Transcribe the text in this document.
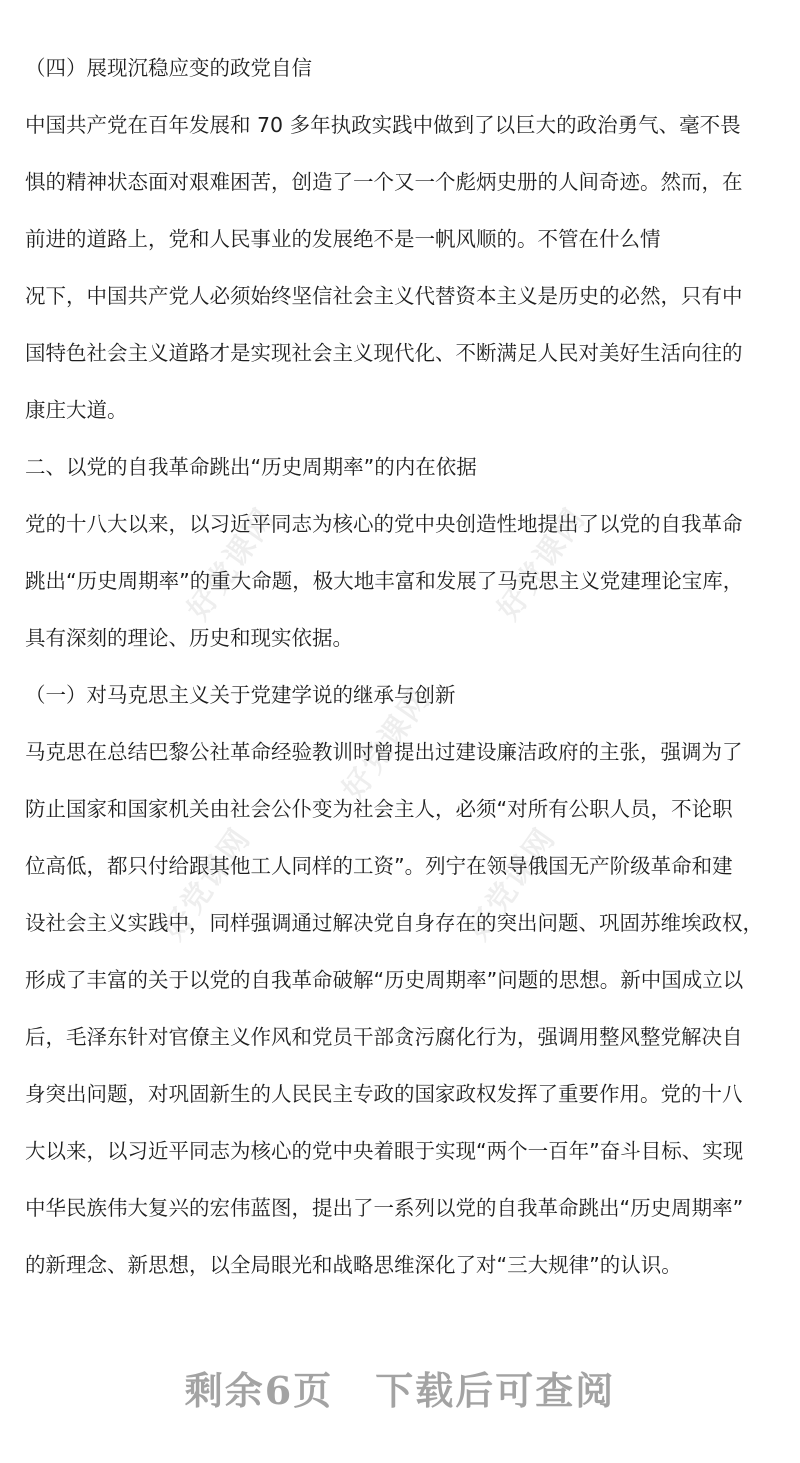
好党课网	好党课网
好党课网
好党课网	好党课网
（四）展现沉稳应变的政党自信
中国共产党在百年发展和 70 多年执政实践中做到了以巨大的政治勇气、毫不畏
惧的精神状态面对艰难困苦，创造了一个又一个彪炳史册的人间奇迹。然而，在
前进的道路上，党和人民事业的发展绝不是一帆风顺的。不管在什么情
况下，中国共产党人必须始终坚信社会主义代替资本主义是历史的必然，只有中
国特色社会主义道路才是实现社会主义现代化、不断满足人民对美好生活向往的
康庄大道。
二、以党的自我革命跳出“历史周期率”的内在依据
党的十八大以来，以习近平同志为核心的党中央创造性地提出了以党的自我革命
跳出“历史周期率”的重大命题，极大地丰富和发展了马克思主义党建理论宝库，
具有深刻的理论、历史和现实依据。
（一）对马克思主义关于党建学说的继承与创新
马克思在总结巴黎公社革命经验教训时曾提出过建设廉洁政府的主张，强调为了
防止国家和国家机关由社会公仆变为社会主人，必须“对所有公职人员，不论职
位高低，都只付给跟其他工人同样的工资”。列宁在领导俄国无产阶级革命和建
设社会主义实践中，同样强调通过解决党自身存在的突出问题、巩固苏维埃政权，
形成了丰富的关于以党的自我革命破解“历史周期率”问题的思想。新中国成立以
后，毛泽东针对官僚主义作风和党员干部贪污腐化行为，强调用整风整党解决自
身突出问题，对巩固新生的人民民主专政的国家政权发挥了重要作用。党的十八
大以来，以习近平同志为核心的党中央着眼于实现“两个一百年”奋斗目标、实现
中华民族伟大复兴的宏伟蓝图，提出了一系列以党的自我革命跳出“历史周期率”
的新理念、新思想，以全局眼光和战略思维深化了对“三大规律”的认识。
剩余6页 下载后可查阅
